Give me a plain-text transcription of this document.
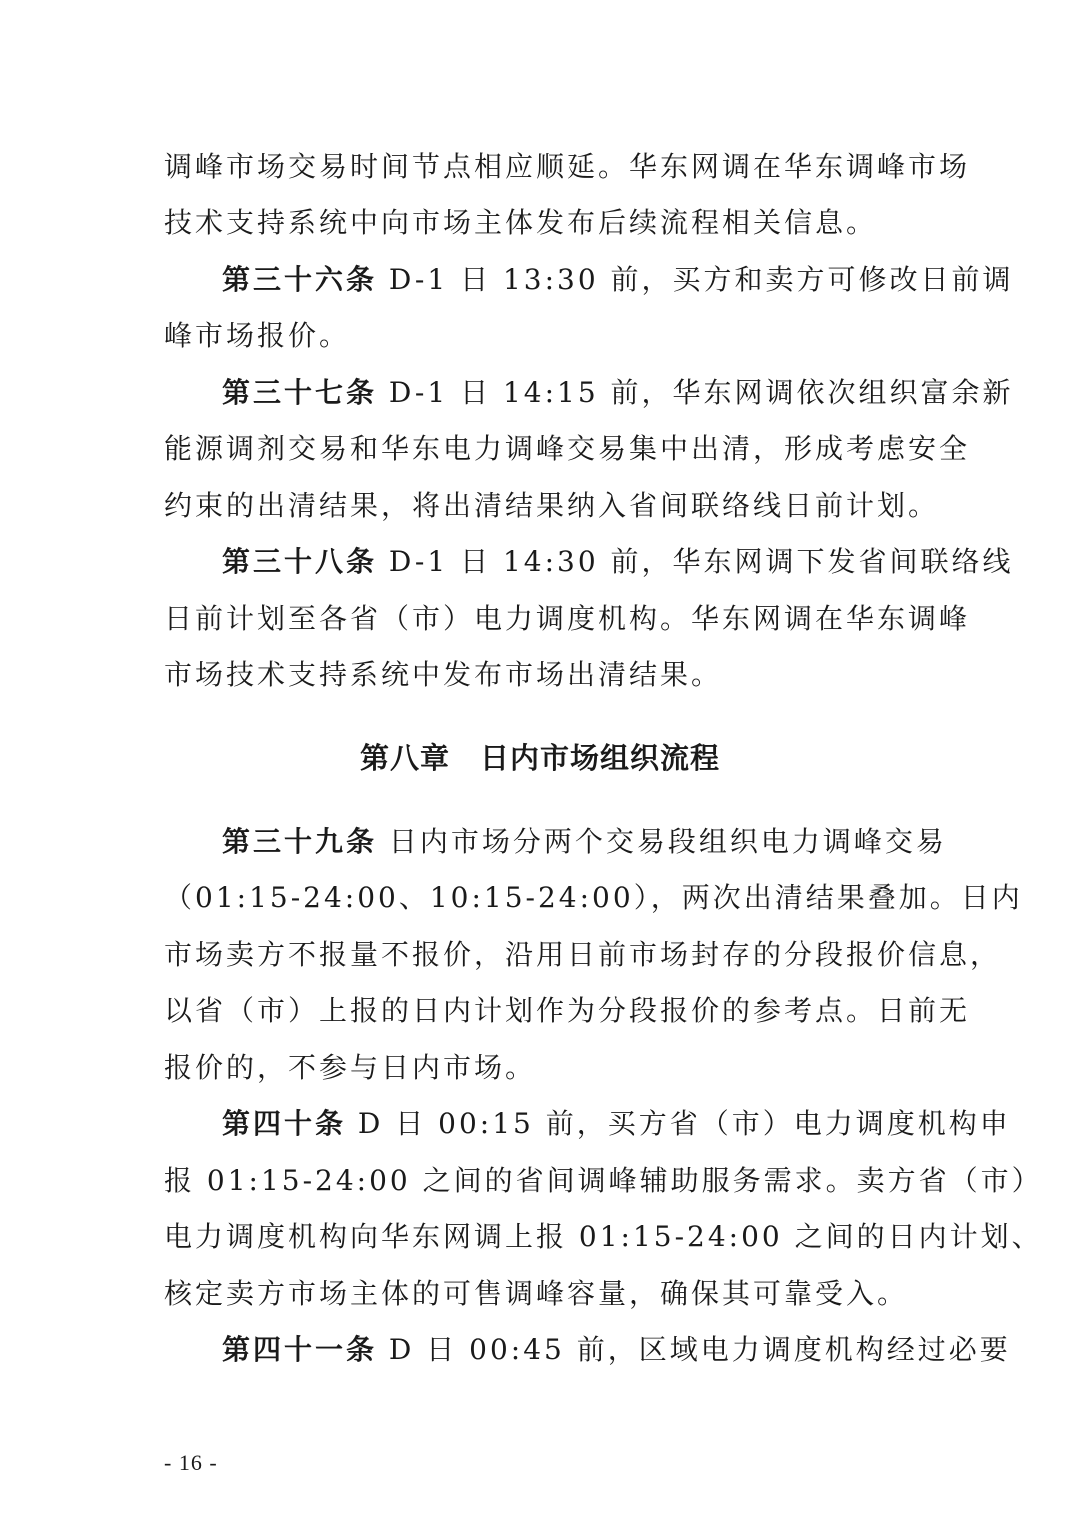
调峰市场交易时间节点相应顺延。华东网调在华东调峰市场
技术支持系统中向市场主体发布后续流程相关信息。
第三十六条 D-1 日 13:30 前，买方和卖方可修改日前调
峰市场报价。
第三十七条 D-1 日 14:15 前，华东网调依次组织富余新
能源调剂交易和华东电力调峰交易集中出清，形成考虑安全
约束的出清结果，将出清结果纳入省间联络线日前计划。
第三十八条 D-1 日 14:30 前，华东网调下发省间联络线
日前计划至各省（市）电力调度机构。华东网调在华东调峰
市场技术支持系统中发布市场出清结果。
第八章　日内市场组织流程
第三十九条 日内市场分两个交易段组织电力调峰交易
（01:15-24:00、10:15-24:00），两次出清结果叠加。日内
市场卖方不报量不报价，沿用日前市场封存的分段报价信息，
以省（市）上报的日内计划作为分段报价的参考点。日前无
报价的，不参与日内市场。
第四十条 D 日 00:15 前，买方省（市）电力调度机构申
报 01:15-24:00 之间的省间调峰辅助服务需求。卖方省（市）
电力调度机构向华东网调上报 01:15-24:00 之间的日内计划、
核定卖方市场主体的可售调峰容量，确保其可靠受入。
第四十一条 D 日 00:45 前，区域电力调度机构经过必要
- 16 -
